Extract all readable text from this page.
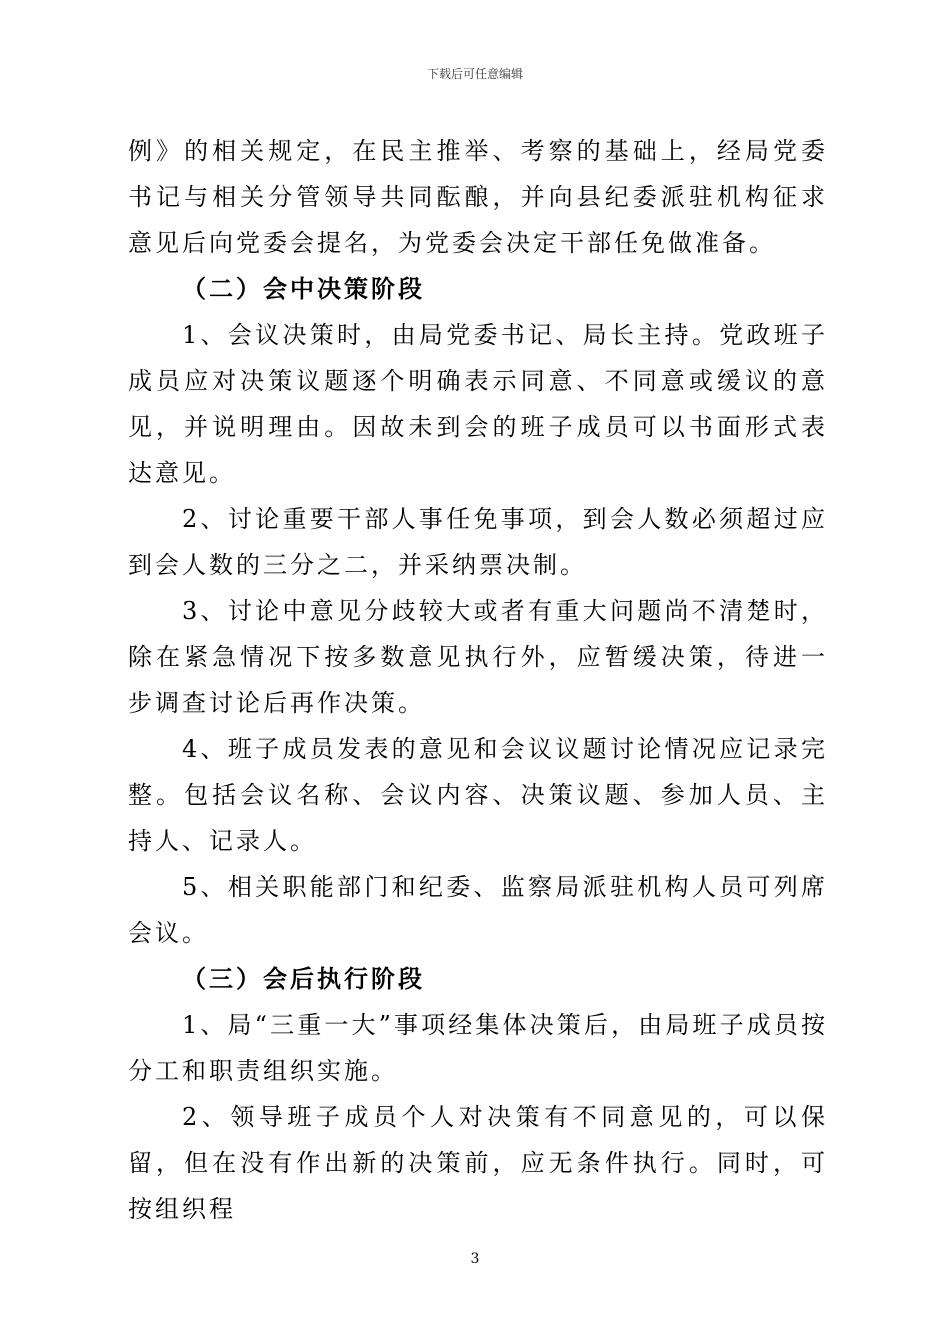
下载后可任意编辑

例》的相关规定，在民主推举、考察的基础上，经局党委书记与相关分管领导共同酝酿，并向县纪委派驻机构征求意见后向党委会提名，为党委会决定干部任免做准备。

（二）会中决策阶段

1、会议决策时，由局党委书记、局长主持。党政班子成员应对决策议题逐个明确表示同意、不同意或缓议的意见，并说明理由。因故未到会的班子成员可以书面形式表达意见。

2、讨论重要干部人事任免事项，到会人数必须超过应到会人数的三分之二，并采纳票决制。

3、讨论中意见分歧较大或者有重大问题尚不清楚时，除在紧急情况下按多数意见执行外，应暂缓决策，待进一步调查讨论后再作决策。

4、班子成员发表的意见和会议议题讨论情况应记录完整。包括会议名称、会议内容、决策议题、参加人员、主持人、记录人。

5、相关职能部门和纪委、监察局派驻机构人员可列席会议。

（三）会后执行阶段

1、局“三重一大”事项经集体决策后，由局班子成员按分工和职责组织实施。

2、领导班子成员个人对决策有不同意见的，可以保留，但在没有作出新的决策前，应无条件执行。同时，可按组织程

3
